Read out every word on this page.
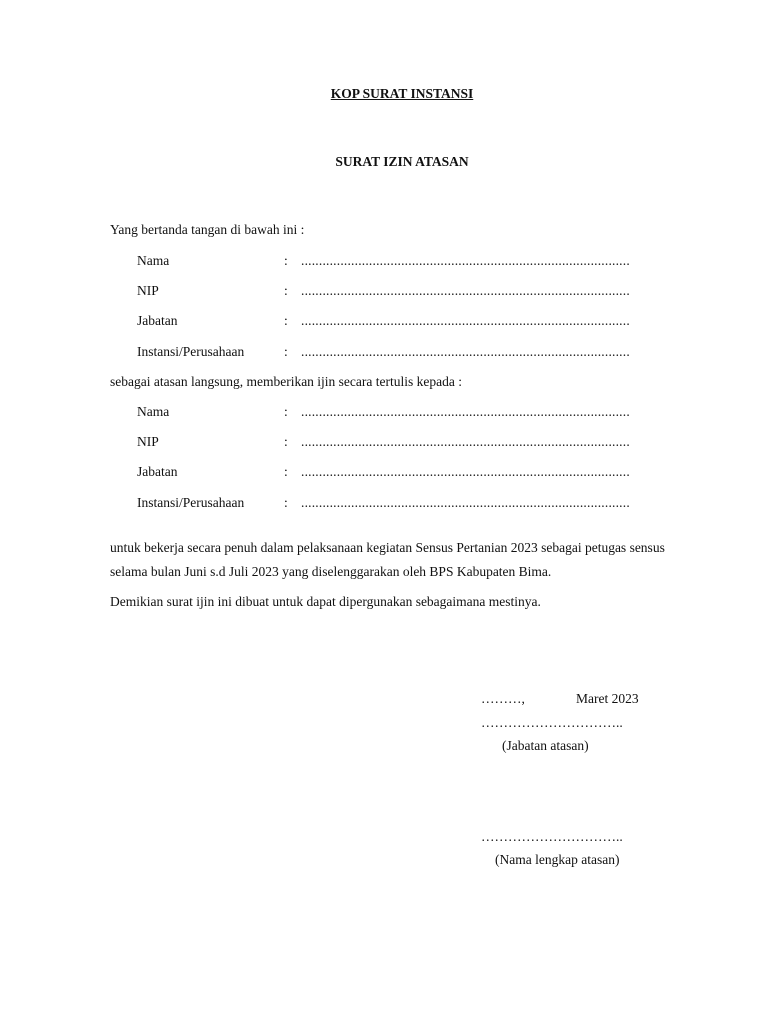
KOP SURAT INSTANSI
SURAT IZIN ATASAN
Yang bertanda tangan di bawah ini :
Nama	: ............................................................................................
NIP	: ............................................................................................
Jabatan	: ............................................................................................
Instansi/Perusahaan	: ............................................................................................
sebagai atasan langsung, memberikan ijin secara tertulis kepada :
Nama	: ............................................................................................
NIP	: ............................................................................................
Jabatan	: ............................................................................................
Instansi/Perusahaan	: ............................................................................................
untuk bekerja secara penuh dalam pelaksanaan kegiatan Sensus Pertanian 2023 sebagai petugas sensus
selama bulan Juni s.d Juli 2023 yang diselenggarakan oleh BPS Kabupaten Bima.
Demikian surat ijin ini dibuat untuk dapat dipergunakan sebagaimana mestinya.
………,	Maret 2023
…………………………..
(Jabatan atasan)
…………………………..
(Nama lengkap atasan)
